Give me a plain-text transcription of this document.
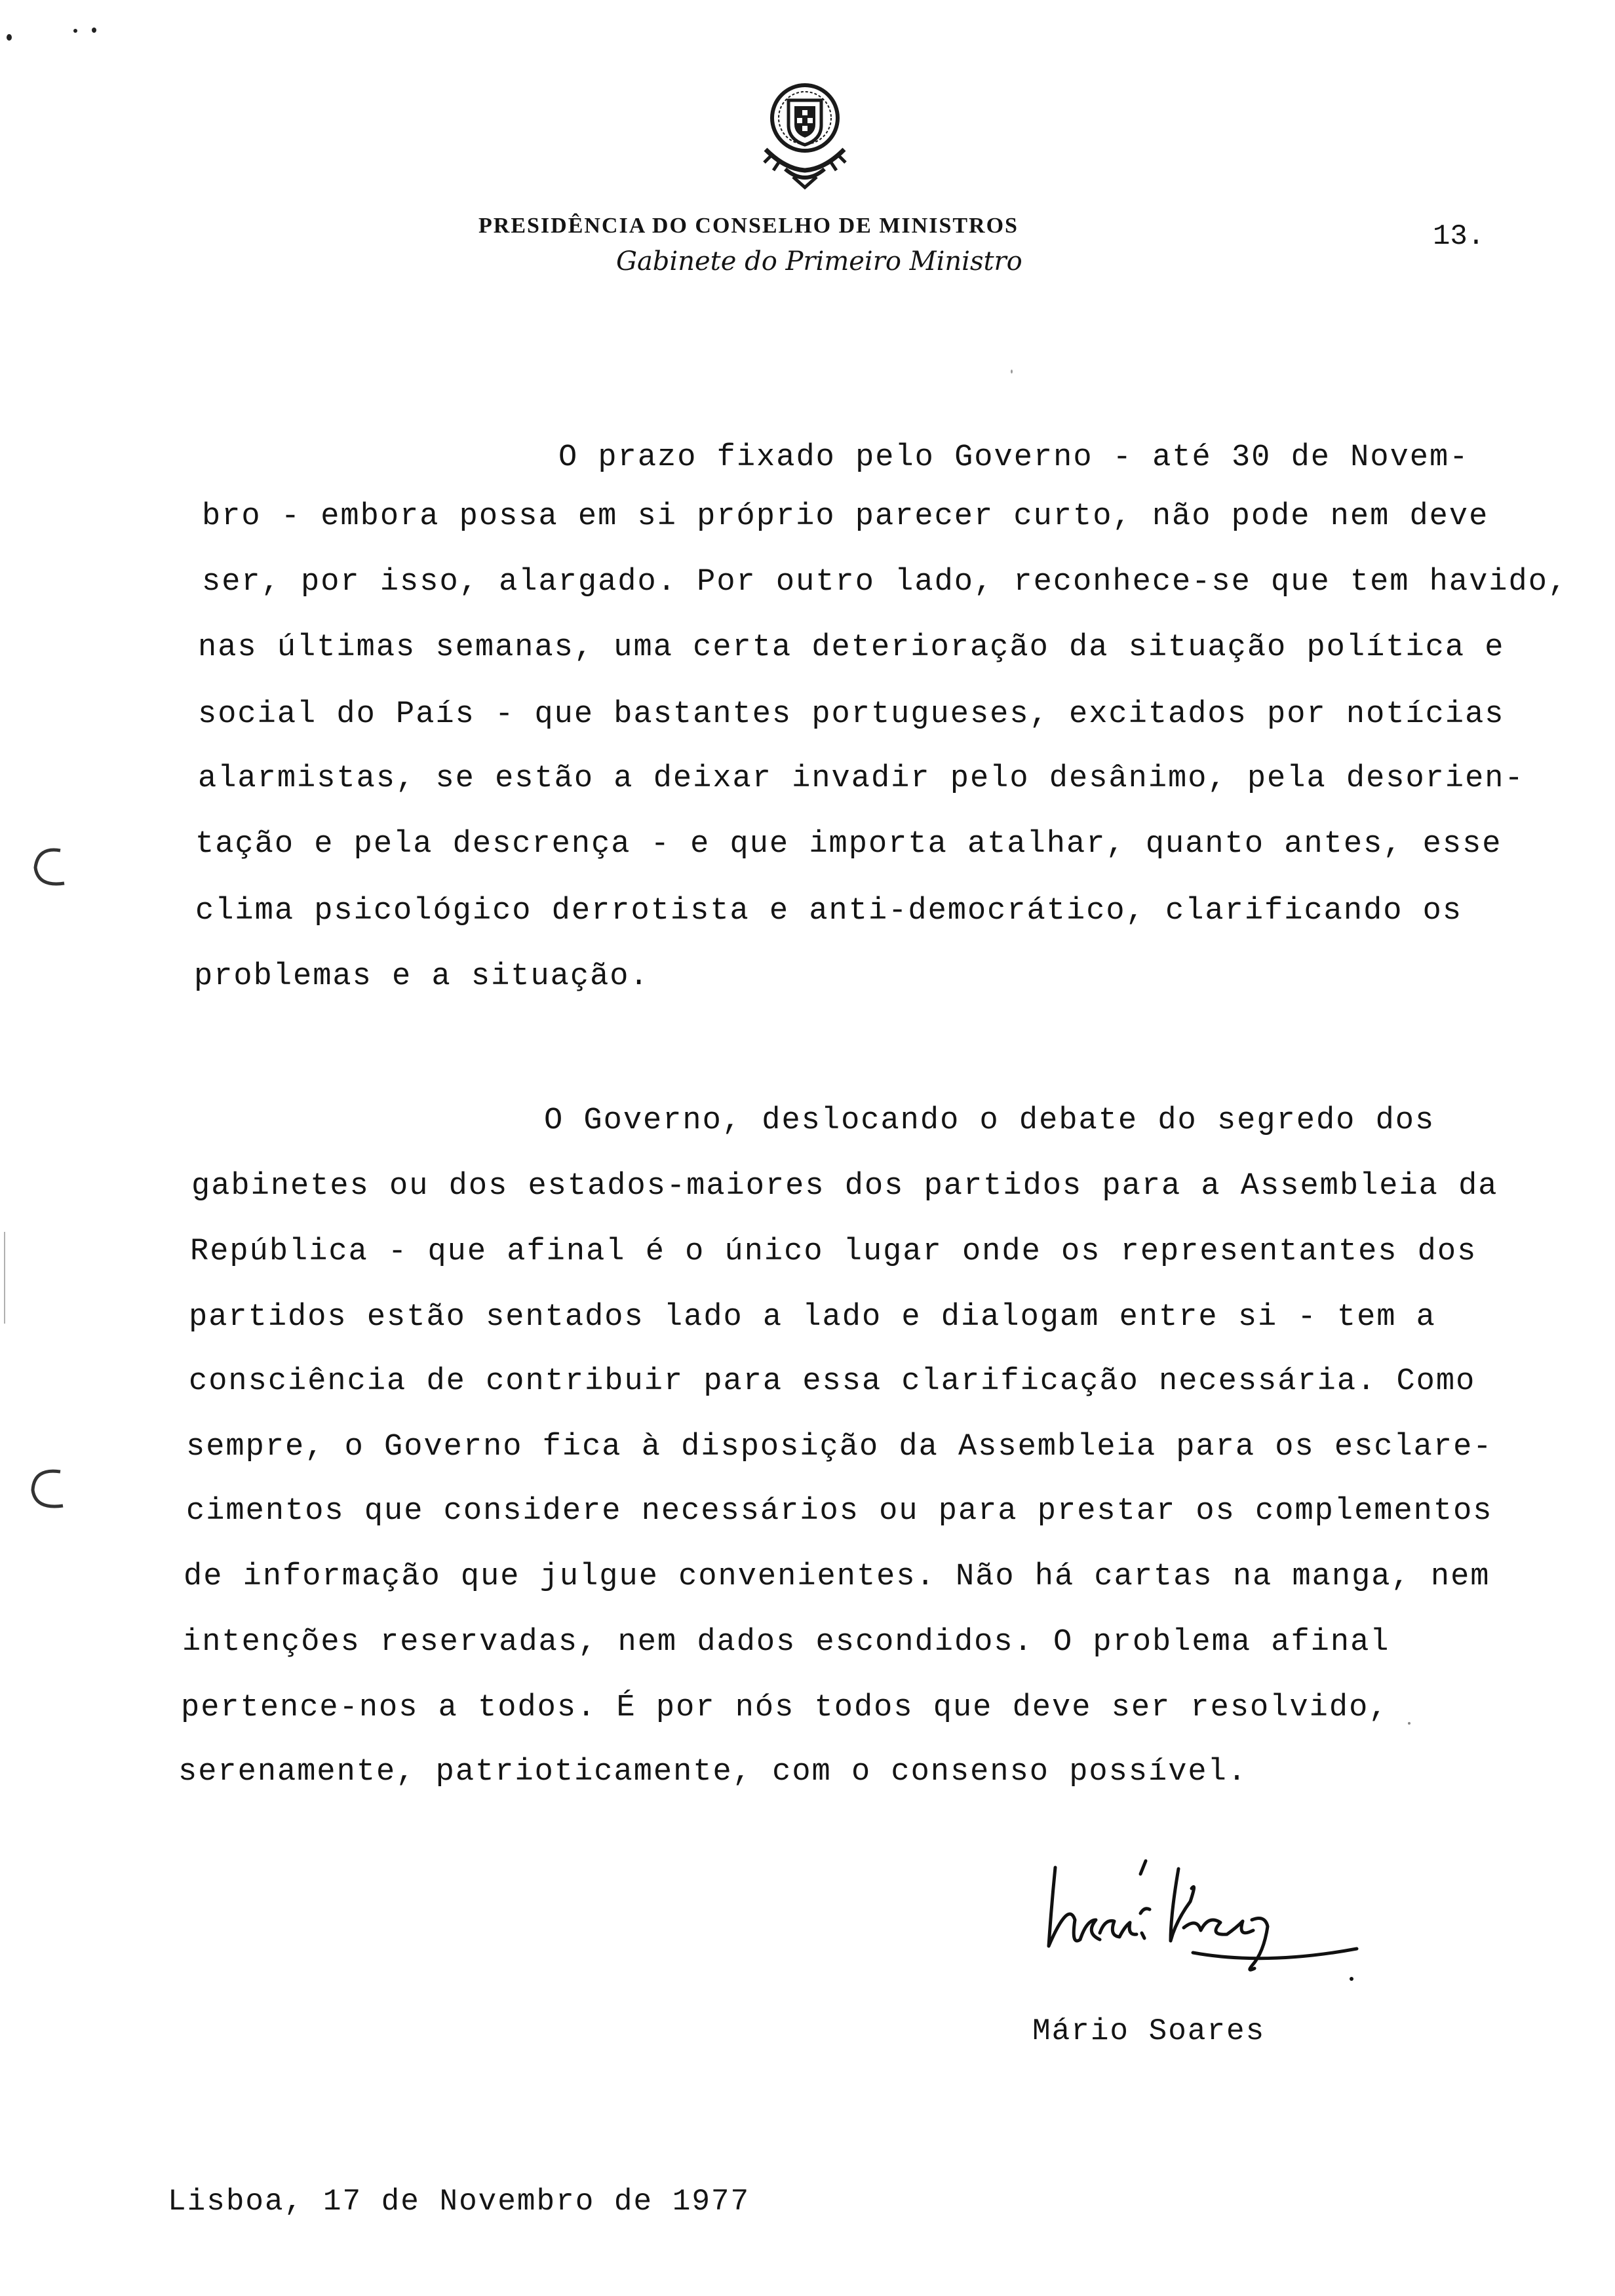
PRESIDÊNCIA DO CONSELHO DE MINISTROS
Gabinete do Primeiro Ministro
13.
O prazo fixado pelo Governo - até 30 de Novem-
bro - embora possa em si próprio parecer curto, não pode nem deve
ser, por isso, alargado. Por outro lado, reconhece-se que tem havido,
nas últimas semanas, uma certa deterioração da situação política e
social do País - que bastantes portugueses, excitados por notícias
alarmistas, se estão a deixar invadir pelo desânimo, pela desorien-
tação e pela descrença - e que importa atalhar, quanto antes, esse
clima psicológico derrotista e anti-democrático, clarificando os
problemas e a situação.
O Governo, deslocando o debate do segredo dos
gabinetes ou dos estados-maiores dos partidos para a Assembleia da
República - que afinal é o único lugar onde os representantes dos
partidos estão sentados lado a lado e dialogam entre si - tem a
consciência de contribuir para essa clarificação necessária. Como
sempre, o Governo fica à disposição da Assembleia para os esclare-
cimentos que considere necessários ou para prestar os complementos
de informação que julgue convenientes. Não há cartas na manga, nem
intenções reservadas, nem dados escondidos. O problema afinal
pertence-nos a todos. É por nós todos que deve ser resolvido,
serenamente, patrioticamente, com o consenso possível.
Mário Soares
Lisboa, 17 de Novembro de 1977
